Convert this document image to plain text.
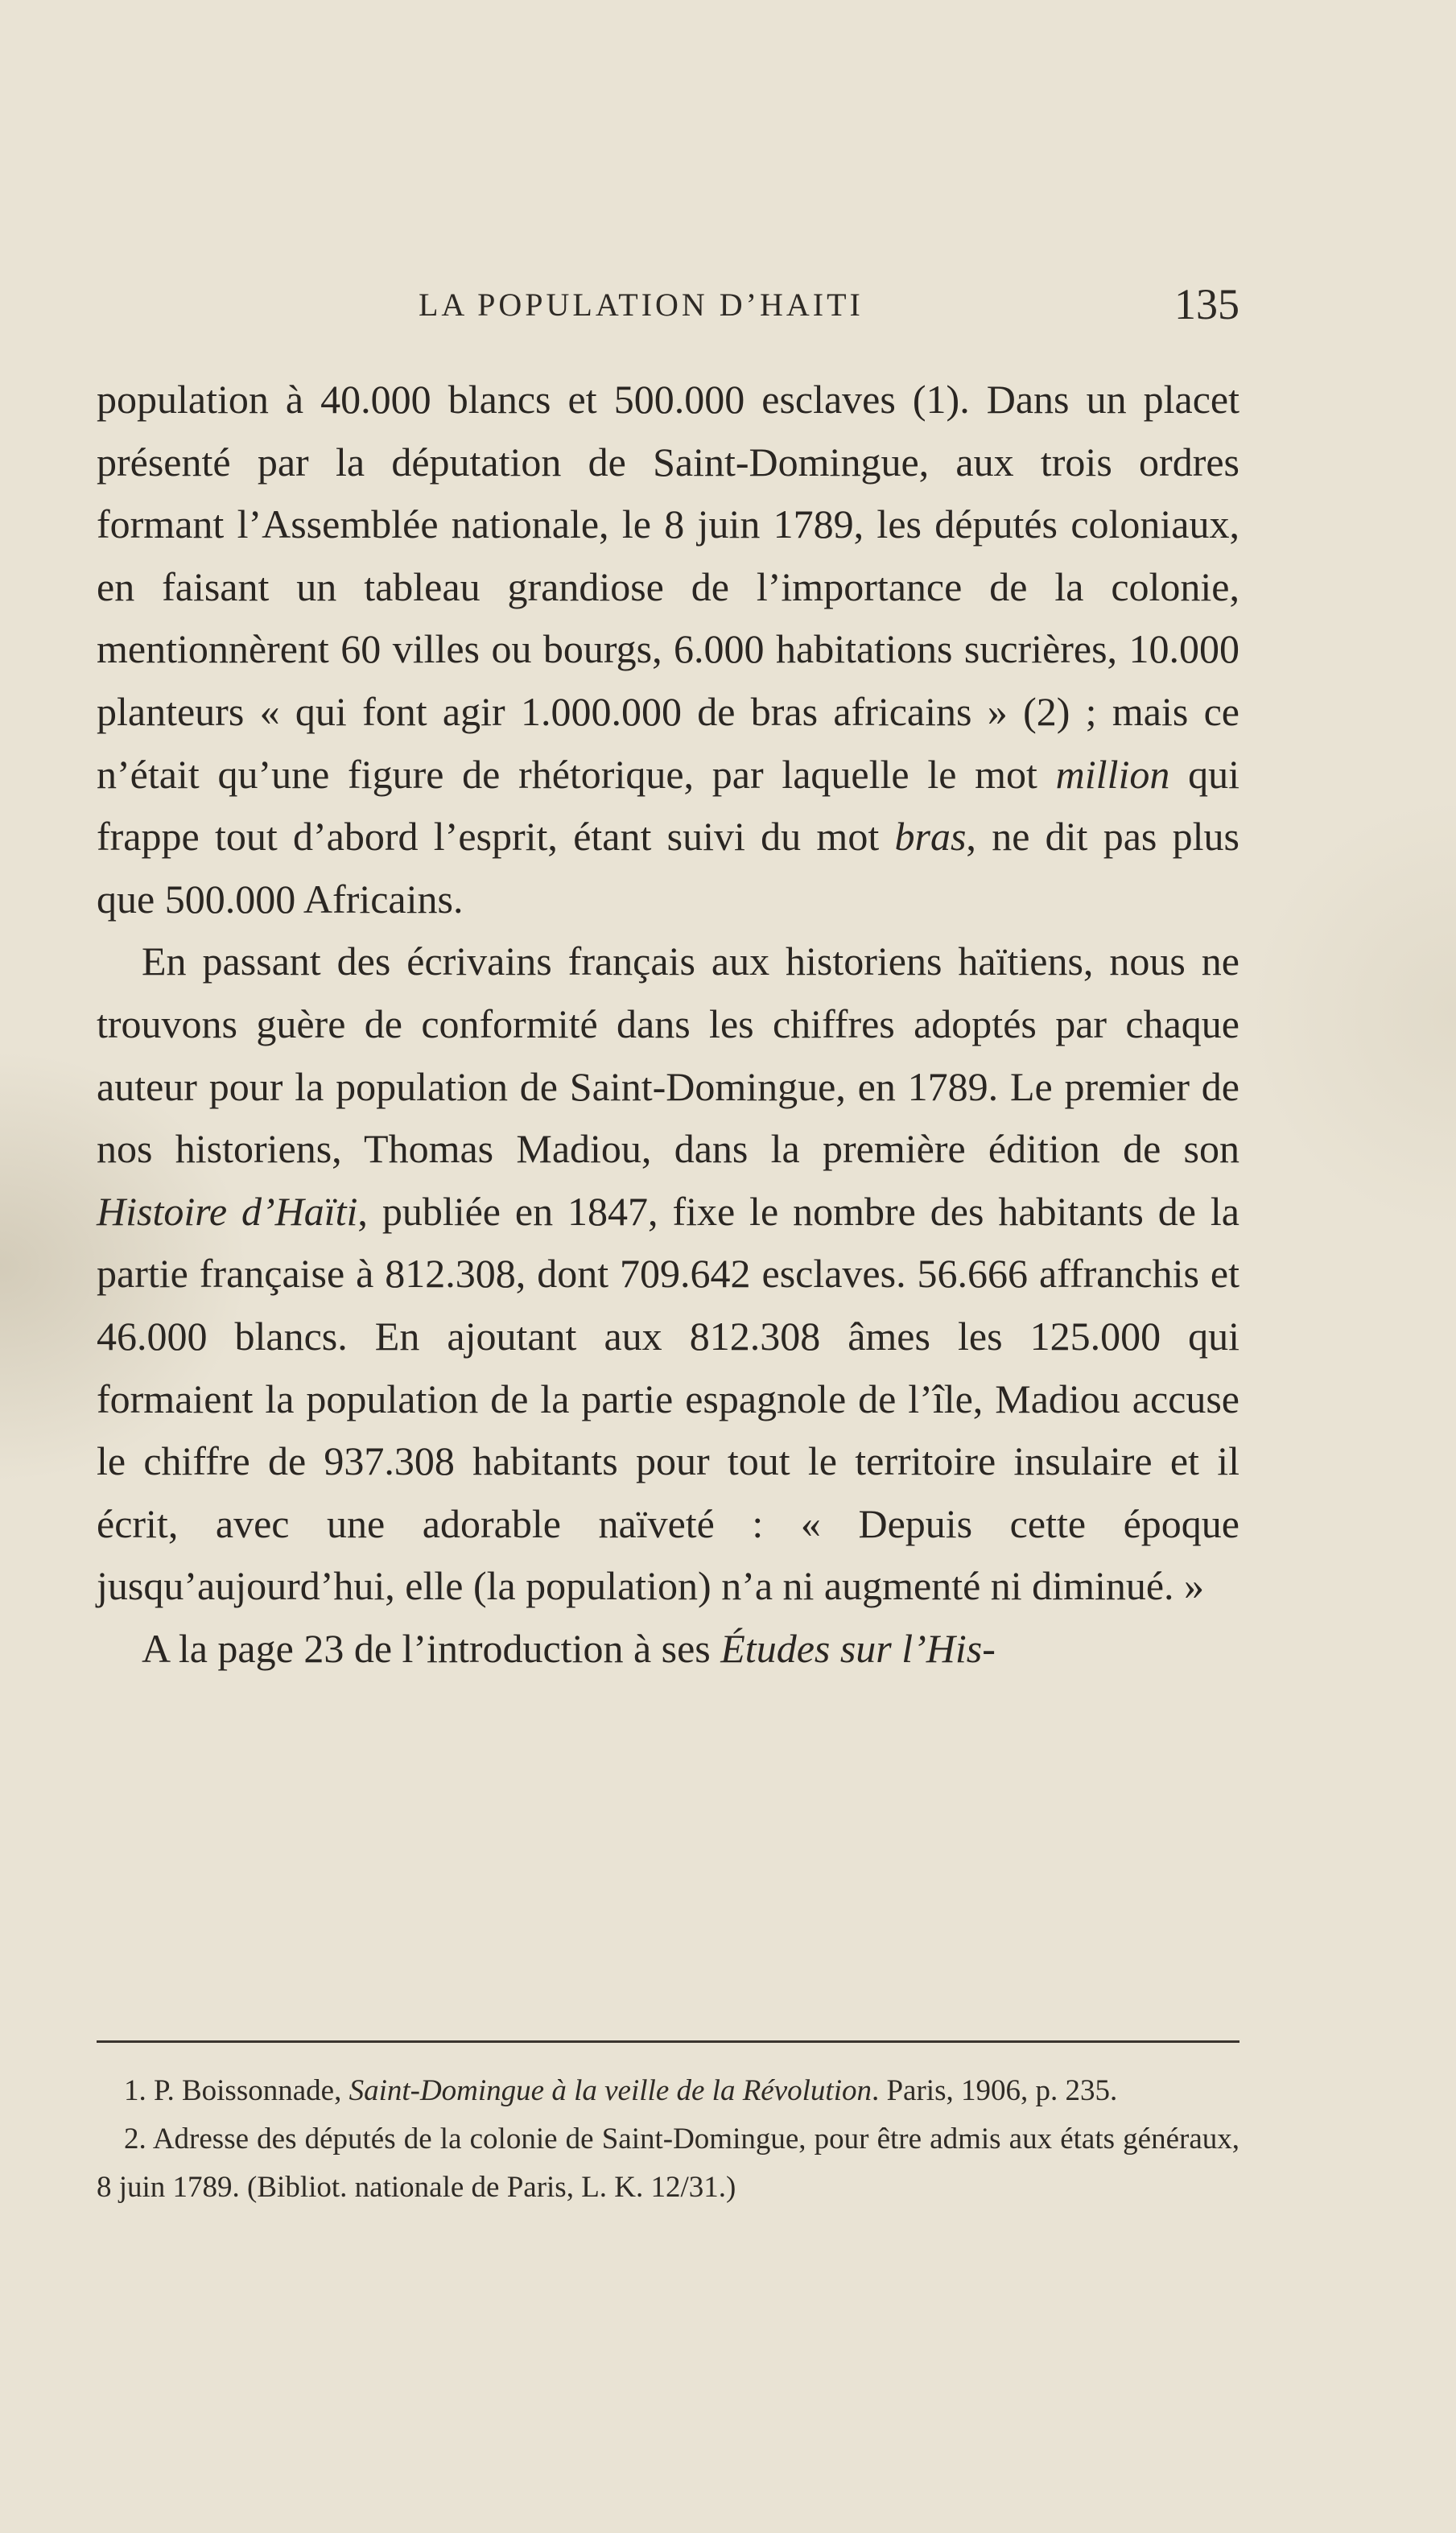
LA POPULATION D’HAITI	135

population à 40.000 blancs et 500.000 esclaves (1). Dans un placet présenté par la députation de Saint-Domingue, aux trois ordres formant l’Assemblée nationale, le 8 juin 1789, les députés coloniaux, en faisant un tableau grandiose de l’importance de la colonie, mentionnèrent 60 villes ou bourgs, 6.000 habitations sucrières, 10.000 planteurs « qui font agir 1.000.000 de bras africains » (2) ; mais ce n’était qu’une figure de rhétorique, par laquelle le mot million qui frappe tout d’abord l’esprit, étant suivi du mot bras, ne dit pas plus que 500.000 Africains.

En passant des écrivains français aux historiens haïtiens, nous ne trouvons guère de conformité dans les chiffres adoptés par chaque auteur pour la population de Saint-Domingue, en 1789. Le premier de nos historiens, Thomas Madiou, dans la première édition de son Histoire d’Haïti, publiée en 1847, fixe le nombre des habitants de la partie française à 812.308, dont 709.642 esclaves. 56.666 affranchis et 46.000 blancs. En ajoutant aux 812.308 âmes les 125.000 qui formaient la population de la partie espagnole de l’île, Madiou accuse le chiffre de 937.308 habitants pour tout le territoire insulaire et il écrit, avec une adorable naïveté : « Depuis cette époque jusqu’aujourd’hui, elle (la population) n’a ni augmenté ni diminué. »

A la page 23 de l’introduction à ses Études sur l’His-

1. P. Boissonnade, Saint-Domingue à la veille de la Révolution. Paris, 1906, p. 235.

2. Adresse des députés de la colonie de Saint-Domingue, pour être admis aux états généraux, 8 juin 1789. (Bibliot. nationale de Paris, L. K. 12/31.)
